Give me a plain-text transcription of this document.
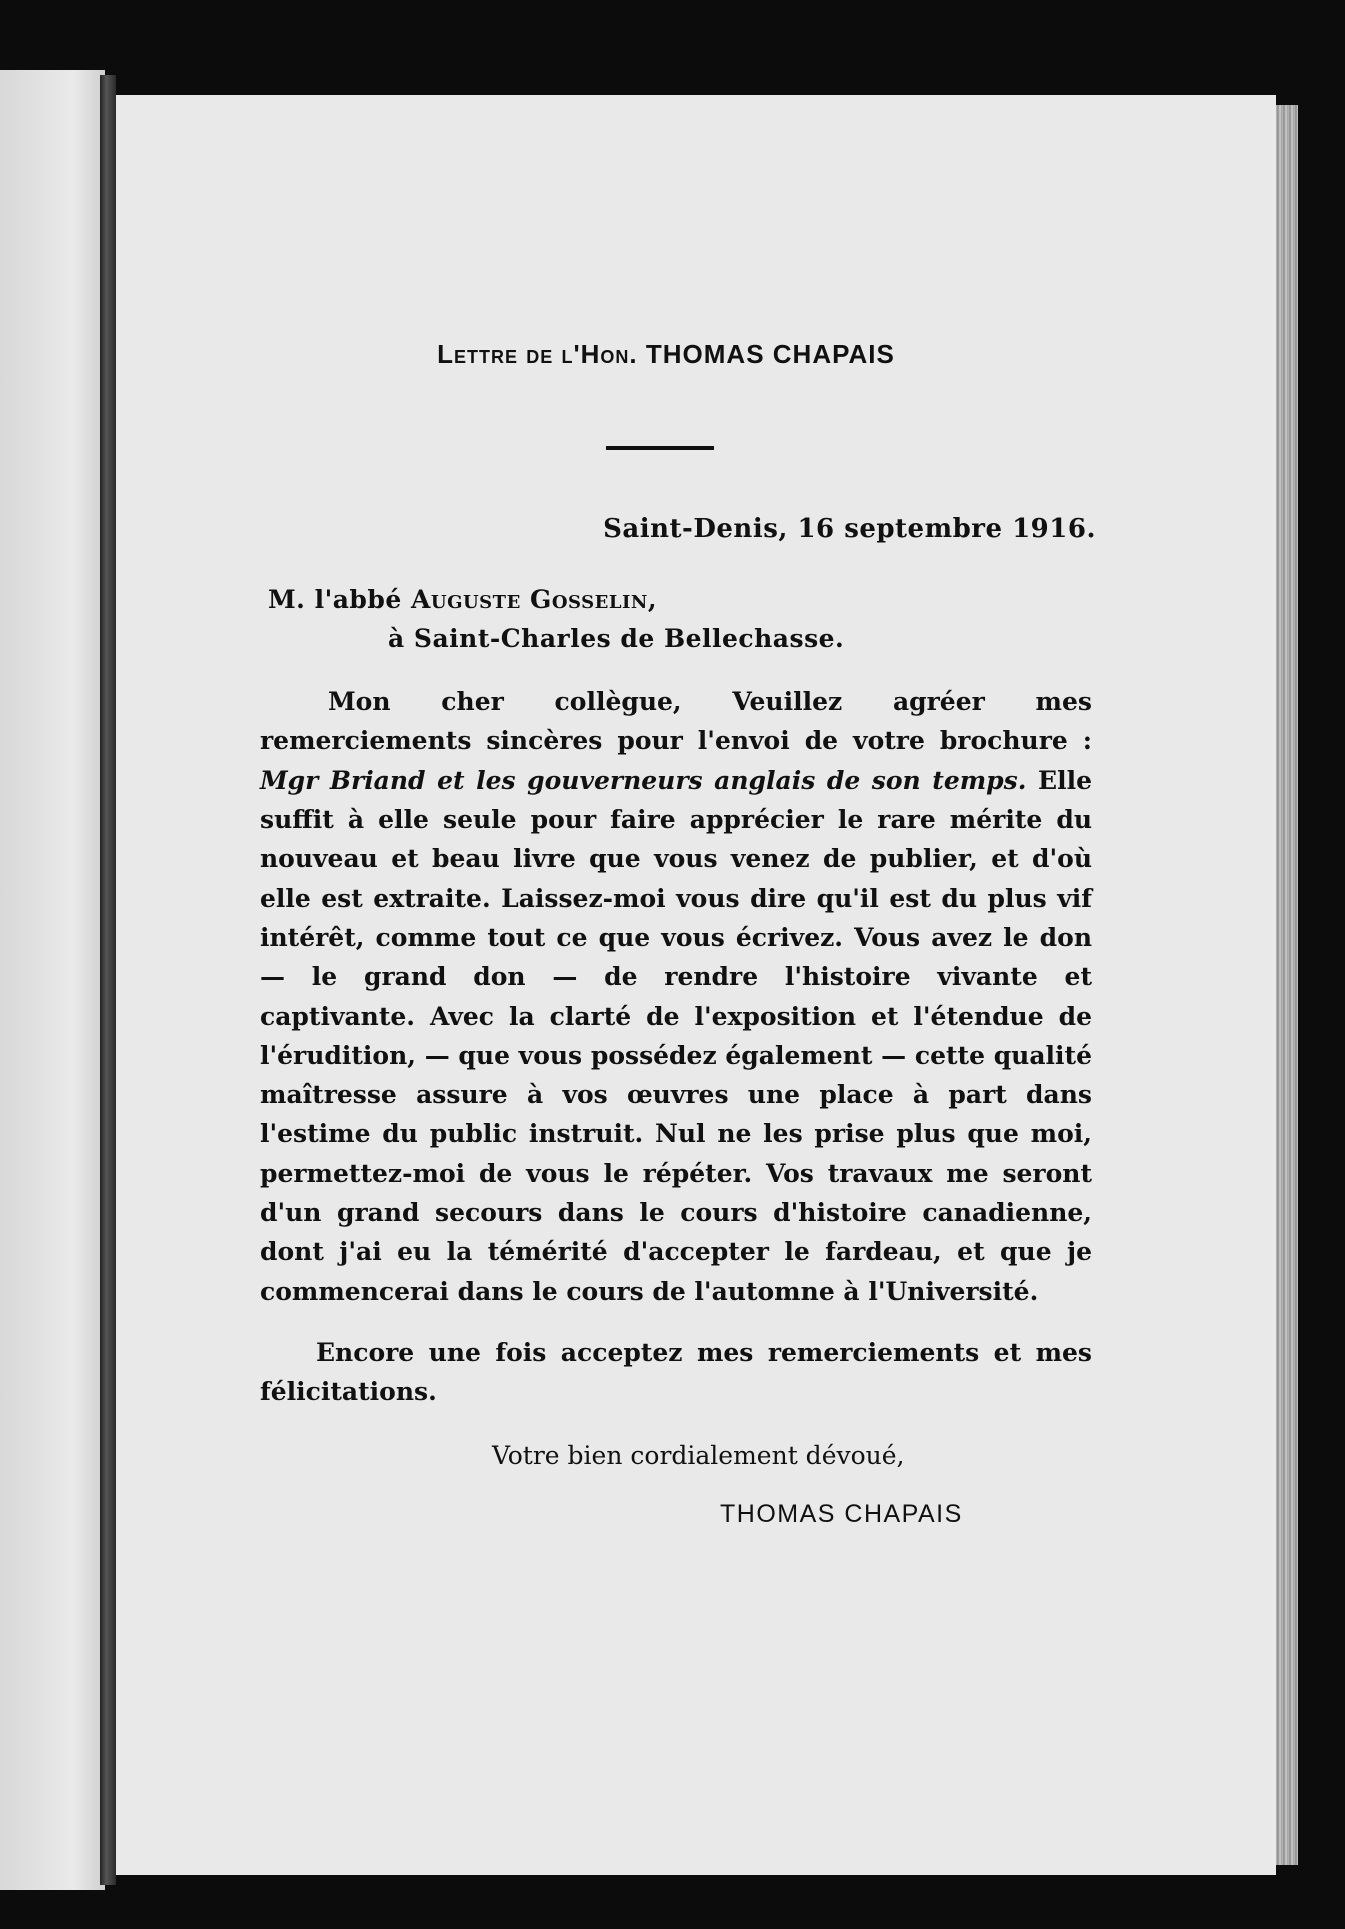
Lettre de l'Hon. THOMAS CHAPAIS
Saint-Denis, 16 septembre 1916.
M. l'abbé Auguste Gosselin,
à Saint-Charles de Bellechasse.
Mon cher collègue, Veuillez agréer mes remerciements sincères pour l'envoi de votre brochure : Mgr Briand et les gouverneurs anglais de son temps. Elle suffit à elle seule pour faire apprécier le rare mérite du nouveau et beau livre que vous venez de publier, et d'où elle est extraite. Laissez-moi vous dire qu'il est du plus vif intérêt, comme tout ce que vous écrivez. Vous avez le don — le grand don — de rendre l'histoire vivante et captivante. Avec la clarté de l'exposition et l'étendue de l'érudition, — que vous possédez également — cette qualité maîtresse assure à vos œuvres une place à part dans l'estime du public instruit. Nul ne les prise plus que moi, permettez-moi de vous le répéter. Vos travaux me seront d'un grand secours dans le cours d'histoire canadienne, dont j'ai eu la témérité d'accepter le fardeau, et que je commencerai dans le cours de l'automne à l'Université.
Encore une fois acceptez mes remerciements et mes félicitations.
Votre bien cordialement dévoué,
THOMAS CHAPAIS
